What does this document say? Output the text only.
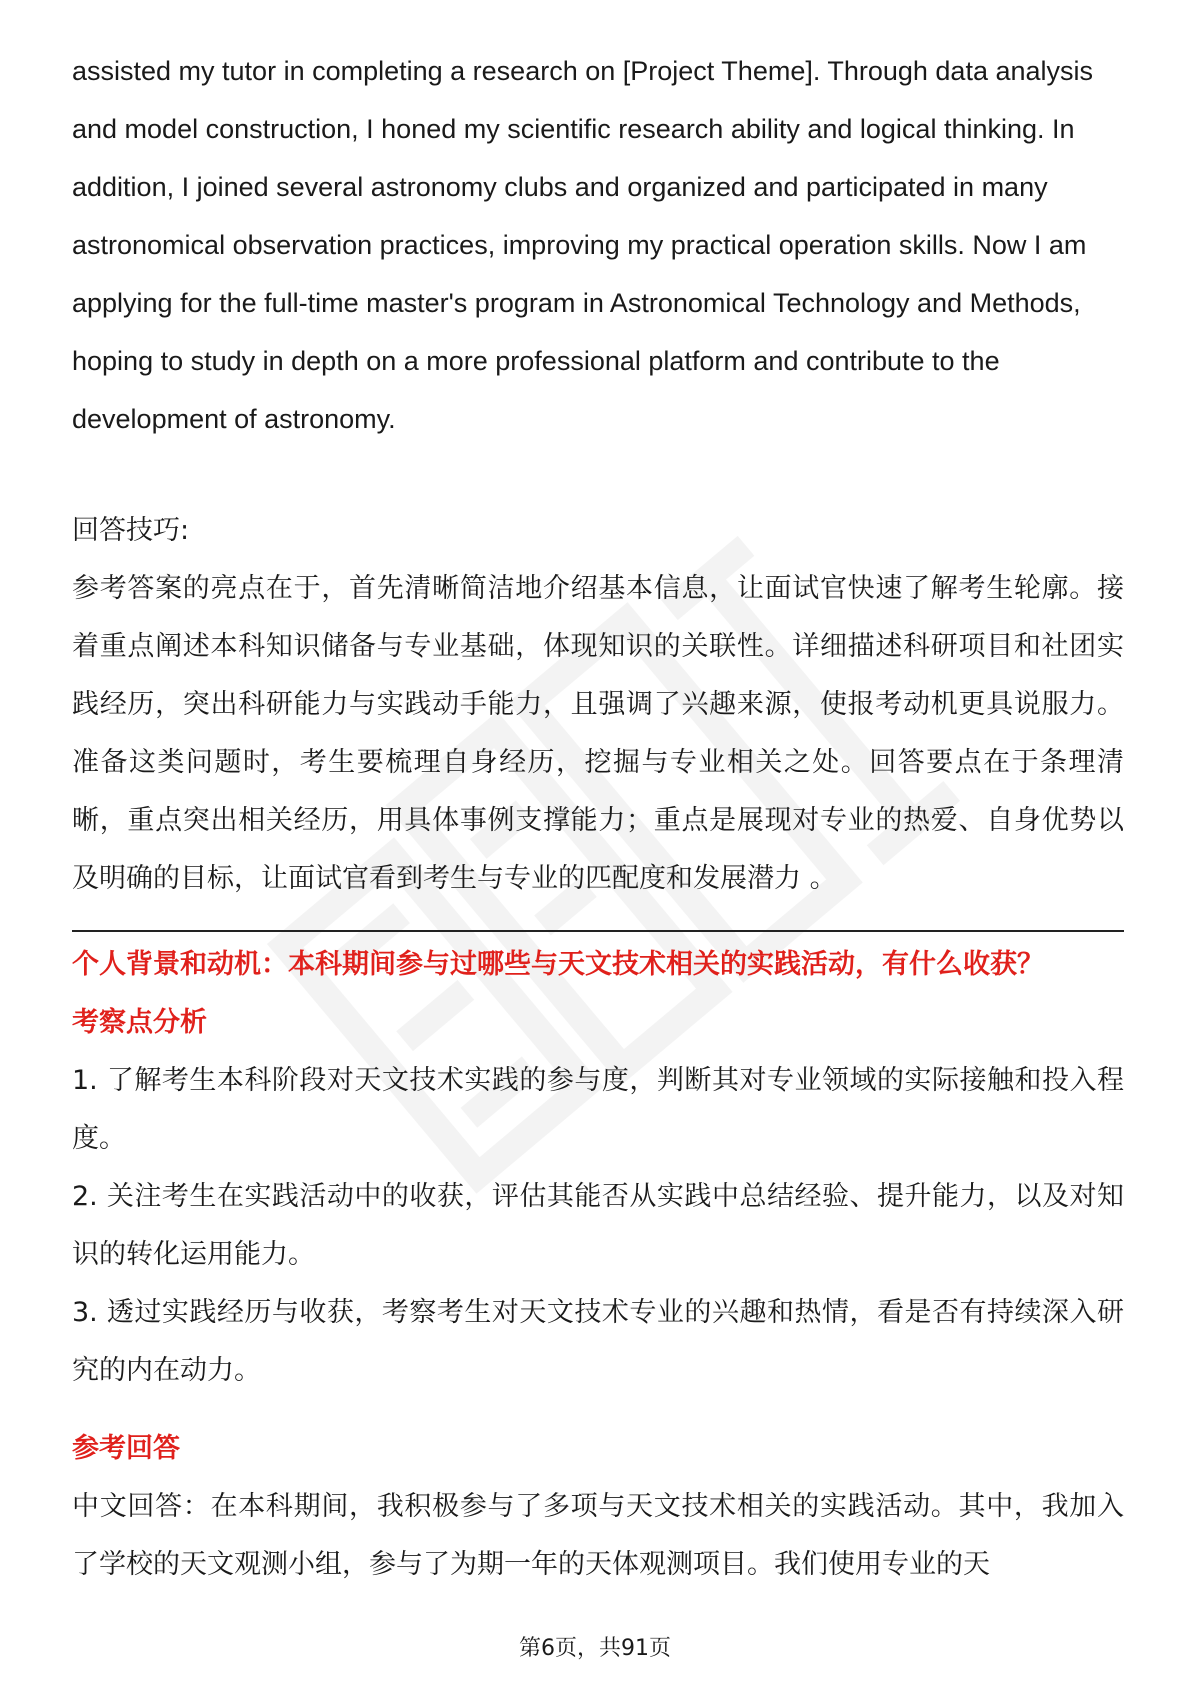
assisted my tutor in completing a research on [Project Theme]. Through data analysis and model construction, I honed my scientific research ability and logical thinking. In addition, I joined several astronomy clubs and organized and participated in many astronomical observation practices, improving my practical operation skills. Now I am applying for the full-time master's program in Astronomical Technology and Methods, hoping to study in depth on a more professional platform and contribute to the development of astronomy.

回答技巧:

参考答案的亮点在于，首先清晰简洁地介绍基本信息，让面试官快速了解考生轮廓。接着重点阐述本科知识储备与专业基础，体现知识的关联性。详细描述科研项目和社团实践经历，突出科研能力与实践动手能力，且强调了兴趣来源，使报考动机更具说服力。准备这类问题时，考生要梳理自身经历，挖掘与专业相关之处。回答要点在于条理清晰，重点突出相关经历，用具体事例支撑能力；重点是展现对专业的热爱、自身优势以及明确的目标，让面试官看到考生与专业的匹配度和发展潜力 。

个人背景和动机：本科期间参与过哪些与天文技术相关的实践活动，有什么收获？

考察点分析

1. 了解考生本科阶段对天文技术实践的参与度，判断其对专业领域的实际接触和投入程度。

2. 关注考生在实践活动中的收获，评估其能否从实践中总结经验、提升能力，以及对知识的转化运用能力。

3. 透过实践经历与收获，考察考生对天文技术专业的兴趣和热情，看是否有持续深入研究的内在动力。

参考回答

中文回答：在本科期间，我积极参与了多项与天文技术相关的实践活动。其中，我加入了学校的天文观测小组，参与了为期一年的天体观测项目。我们使用专业的天

第6页，共91页
